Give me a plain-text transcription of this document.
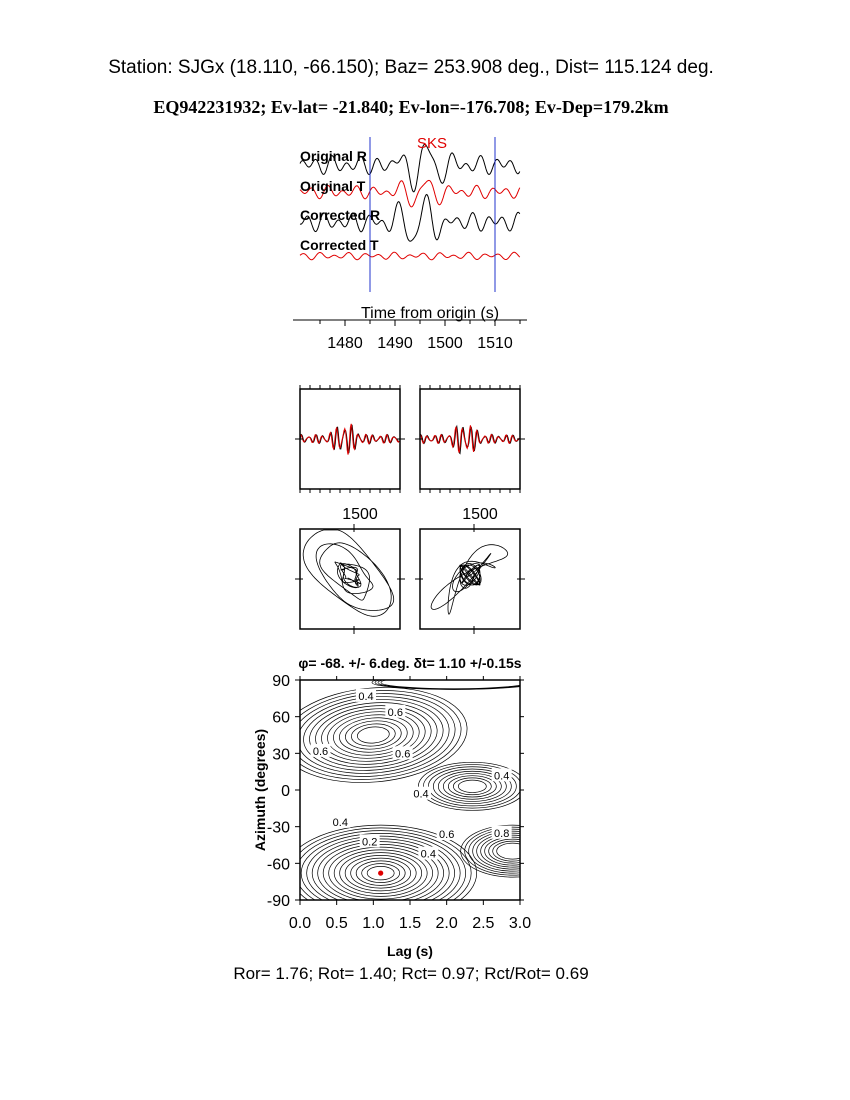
Station: SJGx (18.110, -66.150); Baz= 253.908 deg., Dist= 115.124 deg.
EQ942231932; Ev-lat= -21.840; Ev-lon=-176.708; Ev-Dep=179.2km
Original R
Original T
Corrected R
Corrected T
SKS
Time from origin (s)
1480 1490 1500 1510
1500	1500
φ= -68. +/- 6.deg. δt= 1.10 +/-0.15s
Lag (s)
Azimuth (degrees)
0.4
0.6
0.6	0.6
0.4
0.4
0.4
0.2
0.6	0.8
0.4
0.0 0.5 1.0 1.5 2.0 2.5 3.0
90
60
30
0
-30
-60
-90
Ror= 1.76; Rot= 1.40; Rct= 0.97; Rct/Rot= 0.69
